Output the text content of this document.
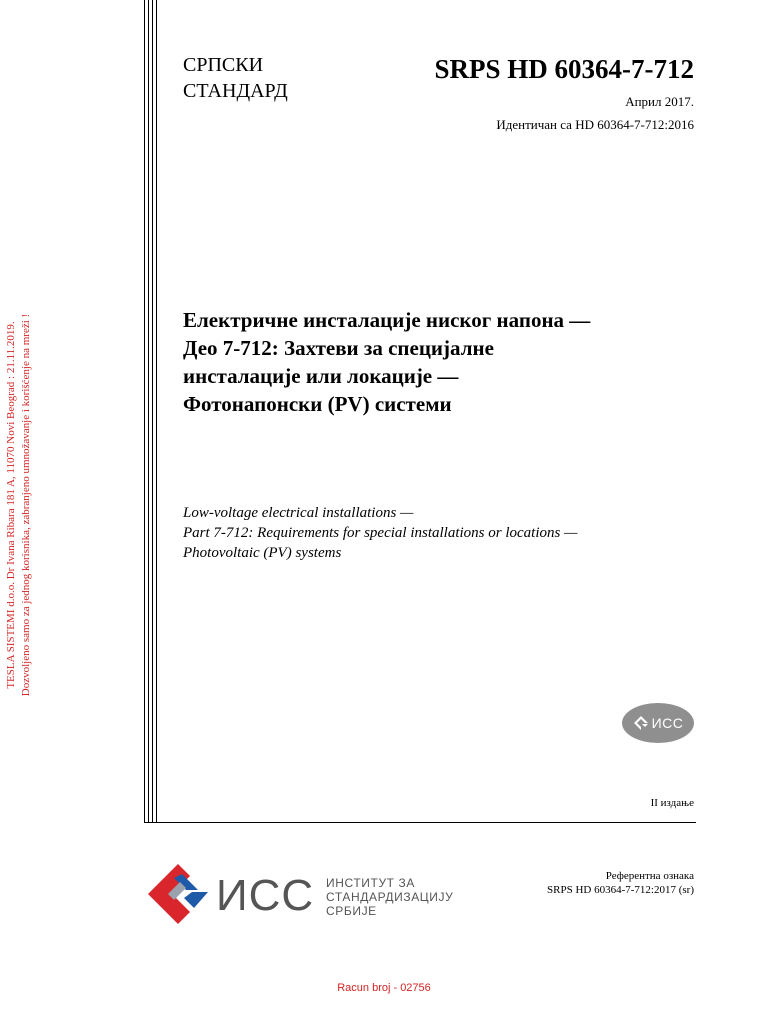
TESLA SISTEMI d.o.o. Dr Ivana Ribara 181 A, 11070 Novi Beograd : 21.11.2019. Dozvoljeno samo za jednog korisnika, zabranjeno umnožavanje i korišćenje na mreži !
СРПСКИ
СТАНДАРД
SRPS HD 60364-7-712
Април 2017.
Идентичан са HD 60364-7-712:2016
Електричне инсталације ниског напона —
Део 7-712: Захтеви за специјалне
инсталације или локације —
Фотонапонски (PV) системи
Low-voltage electrical installations —
Part 7-712: Requirements for special installations or locations —
Photovoltaic (PV) systems
ИСС
II издање
ИСС ИНСТИТУТ ЗА
СТАНДАРДИЗАЦИЈУ
СРБИЈЕ
Референтна ознака
SRPS HD 60364-7-712:2017 (sr)
Racun broj - 02756
